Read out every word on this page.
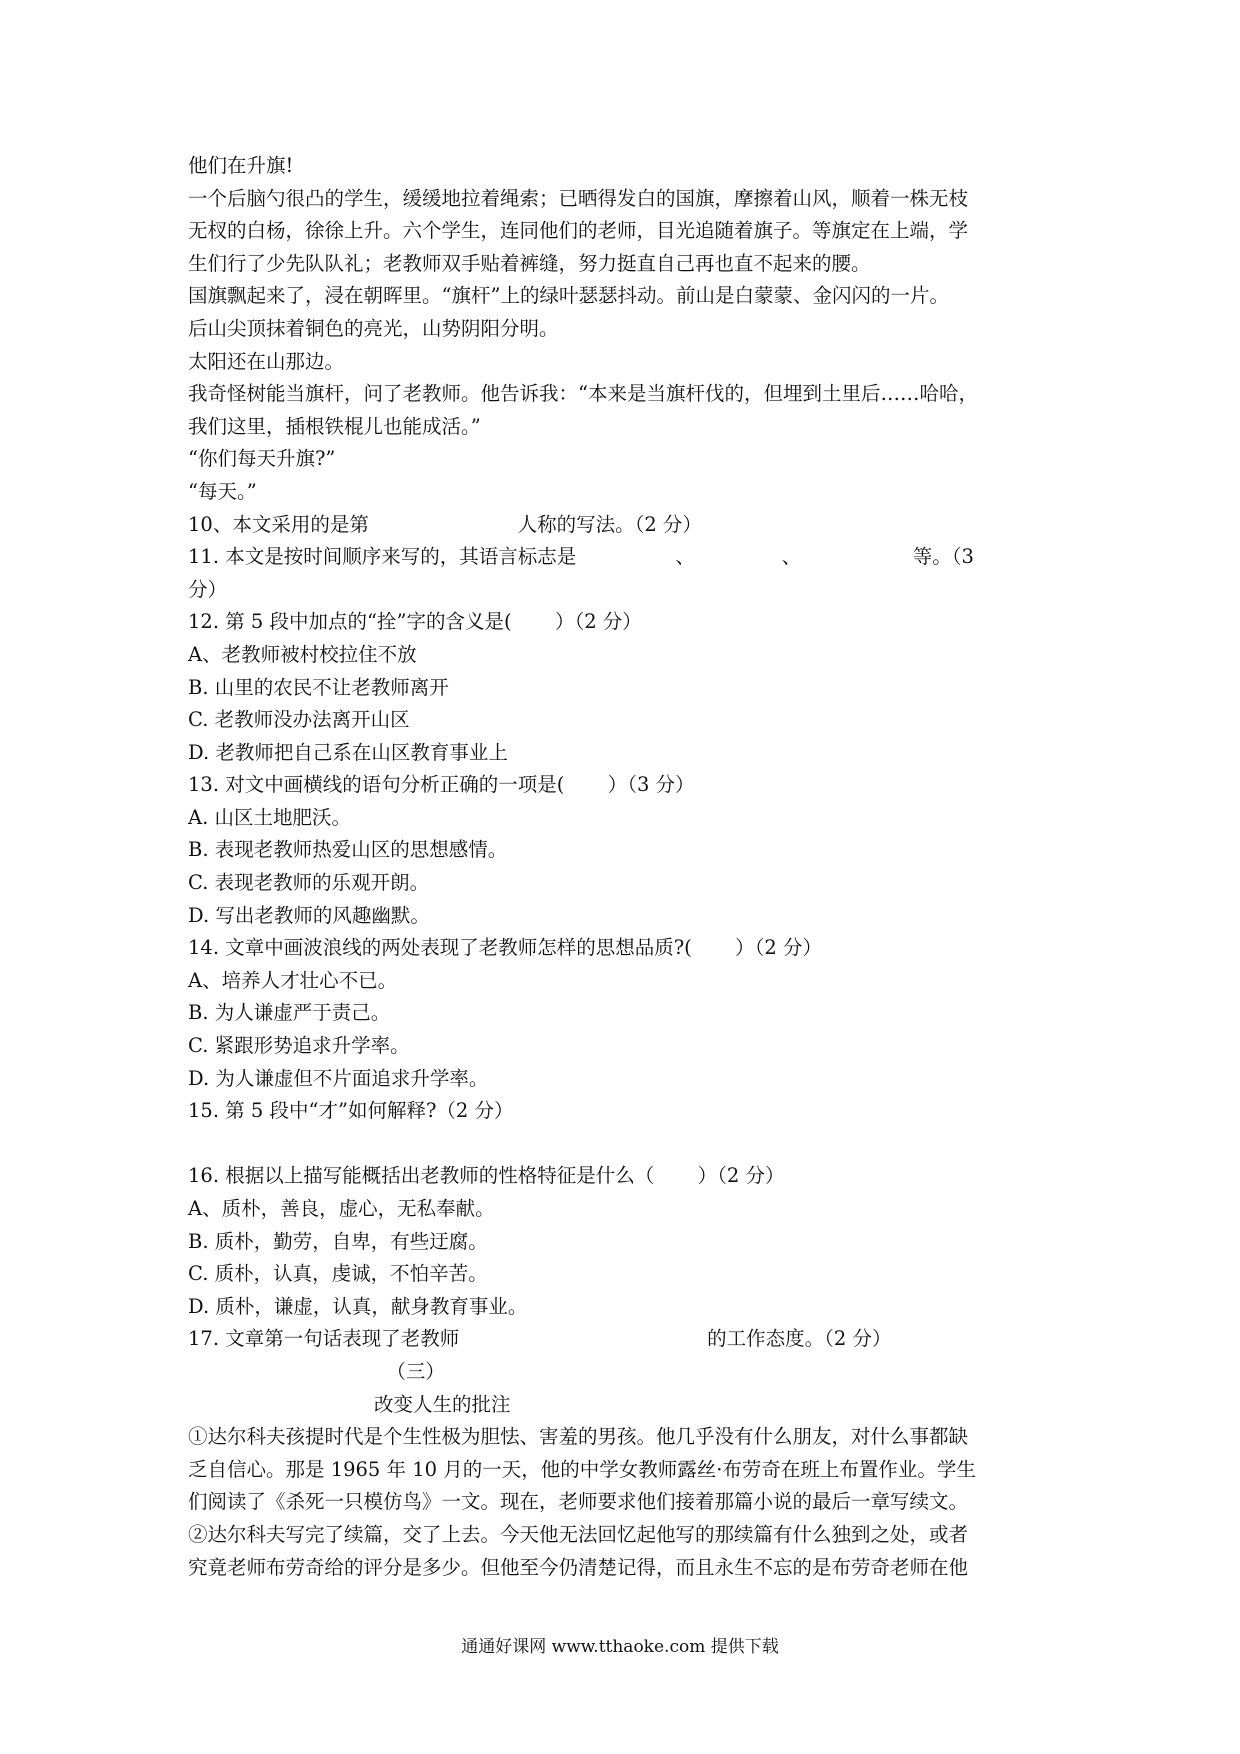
他们在升旗!

一个后脑勺很凸的学生，缓缓地拉着绳索；已晒得发白的国旗，摩擦着山风，顺着一株无枝

无杈的白杨，徐徐上升。六个学生，连同他们的老师，目光追随着旗子。等旗定在上端，学

生们行了少先队队礼；老教师双手贴着裤缝，努力挺直自己再也直不起来的腰。

国旗飘起来了，浸在朝晖里。“旗杆”上的绿叶瑟瑟抖动。前山是白蒙蒙、金闪闪的一片。

后山尖顶抹着铜色的亮光，山势阴阳分明。

太阳还在山那边。

我奇怪树能当旗杆，问了老教师。他告诉我：“本来是当旗杆伐的，但埋到土里后……哈哈，

我们这里，插根铁棍儿也能成活。”

“你们每天升旗?”

“每天。”

10、本文采用的是第                        人称的写法。（2 分）

11. 本文是按时间顺序来写的，其语言标志是                、              、                  等。（3

分）

12. 第 5 段中加点的“拴”字的含义是(       ）（2 分）

A、老教师被村校拉住不放

B. 山里的农民不让老教师离开

C. 老教师没办法离开山区

D. 老教师把自己系在山区教育事业上

13. 对文中画横线的语句分析正确的一项是(       ）（3 分）

A. 山区土地肥沃。

B. 表现老教师热爱山区的思想感情。

C. 表现老教师的乐观开朗。

D. 写出老教师的风趣幽默。

14. 文章中画波浪线的两处表现了老教师怎样的思想品质?(       ）（2 分）

A、培养人才壮心不已。

B. 为人谦虚严于责己。

C. 紧跟形势追求升学率。

D. 为人谦虚但不片面追求升学率。

15. 第 5 段中“才”如何解释?（2 分）

16. 根据以上描写能概括出老教师的性格特征是什么（       ）（2 分）

A、质朴，善良，虚心，无私奉献。

B. 质朴，勤劳，自卑，有些迂腐。

C. 质朴，认真，虔诚，不怕辛苦。

D. 质朴，谦虚，认真，献身教育事业。

17. 文章第一句话表现了老教师                                        的工作态度。（2 分）

（三）

改变人生的批注

①达尔科夫孩提时代是个生性极为胆怯、害羞的男孩。他几乎没有什么朋友，对什么事都缺

乏自信心。那是 1965 年 10 月的一天，他的中学女教师露丝·布劳奇在班上布置作业。学生

们阅读了《杀死一只模仿鸟》一文。现在，老师要求他们接着那篇小说的最后一章写续文。

②达尔科夫写完了续篇，交了上去。今天他无法回忆起他写的那续篇有什么独到之处，或者

究竟老师布劳奇给的评分是多少。但他至今仍清楚记得，而且永生不忘的是布劳奇老师在他

通通好课网 www.tthaoke.com 提供下载
